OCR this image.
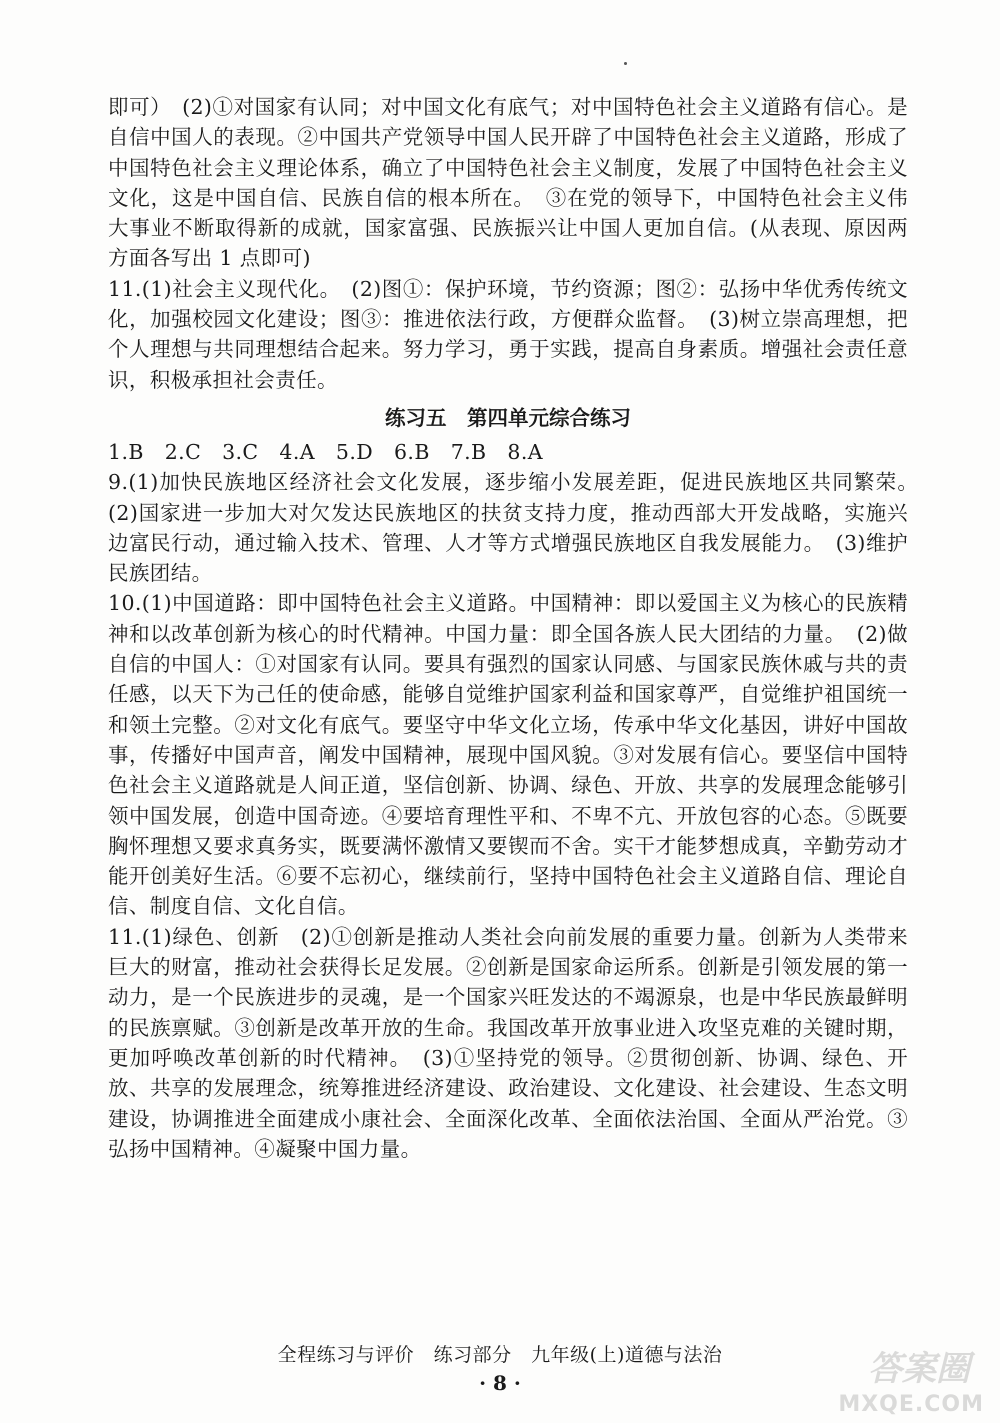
即可）　(2)①对国家有认同；对中国文化有底气；对中国特色社会主义道路有信心。是自信中国人的表现。②中国共产党领导中国人民开辟了中国特色社会主义道路，形成了中国特色社会主义理论体系，确立了中国特色社会主义制度，发展了中国特色社会主义文化，这是中国自信、民族自信的根本所在。　③在党的领导下，中国特色社会主义伟大事业不断取得新的成就，国家富强、民族振兴让中国人更加自信。(从表现、原因两方面各写出 1 点即可)

11.(1)社会主义现代化。　(2)图①：保护环境，节约资源；图②：弘扬中华优秀传统文化，加强校园文化建设；图③：推进依法行政，方便群众监督。　(3)树立崇高理想，把个人理想与共同理想结合起来。努力学习，勇于实践，提高自身素质。增强社会责任意识，积极承担社会责任。

练习五　第四单元综合练习

1.B　2.C　3.C　4.A　5.D　6.B　7.B　8.A

9.(1)加快民族地区经济社会文化发展，逐步缩小发展差距，促进民族地区共同繁荣。　(2)国家进一步加大对欠发达民族地区的扶贫支持力度，推动西部大开发战略，实施兴边富民行动，通过输入技术、管理、人才等方式增强民族地区自我发展能力。　(3)维护民族团结。

10.(1)中国道路：即中国特色社会主义道路。中国精神：即以爱国主义为核心的民族精神和以改革创新为核心的时代精神。中国力量：即全国各族人民大团结的力量。　(2)做自信的中国人：①对国家有认同。要具有强烈的国家认同感、与国家民族休戚与共的责任感，以天下为己任的使命感，能够自觉维护国家利益和国家尊严，自觉维护祖国统一和领土完整。②对文化有底气。要坚守中华文化立场，传承中华文化基因，讲好中国故事，传播好中国声音，阐发中国精神，展现中国风貌。③对发展有信心。要坚信中国特色社会主义道路就是人间正道，坚信创新、协调、绿色、开放、共享的发展理念能够引领中国发展，创造中国奇迹。④要培育理性平和、不卑不亢、开放包容的心态。⑤既要胸怀理想又要求真务实，既要满怀激情又要锲而不舍。实干才能梦想成真，辛勤劳动才能开创美好生活。⑥要不忘初心，继续前行，坚持中国特色社会主义道路自信、理论自信、制度自信、文化自信。

11.(1)绿色、创新　(2)①创新是推动人类社会向前发展的重要力量。创新为人类带来巨大的财富，推动社会获得长足发展。②创新是国家命运所系。创新是引领发展的第一动力，是一个民族进步的灵魂，是一个国家兴旺发达的不竭源泉，也是中华民族最鲜明的民族禀赋。③创新是改革开放的生命。我国改革开放事业进入攻坚克难的关键时期，更加呼唤改革创新的时代精神。　(3)①坚持党的领导。②贯彻创新、协调、绿色、开放、共享的发展理念，统筹推进经济建设、政治建设、文化建设、社会建设、生态文明建设，协调推进全面建成小康社会、全面深化改革、全面依法治国、全面从严治党。③弘扬中国精神。④凝聚中国力量。

全程练习与评价　练习部分　九年级(上)道德与法治
· 8 ·	答案圈
MXQE.COM
